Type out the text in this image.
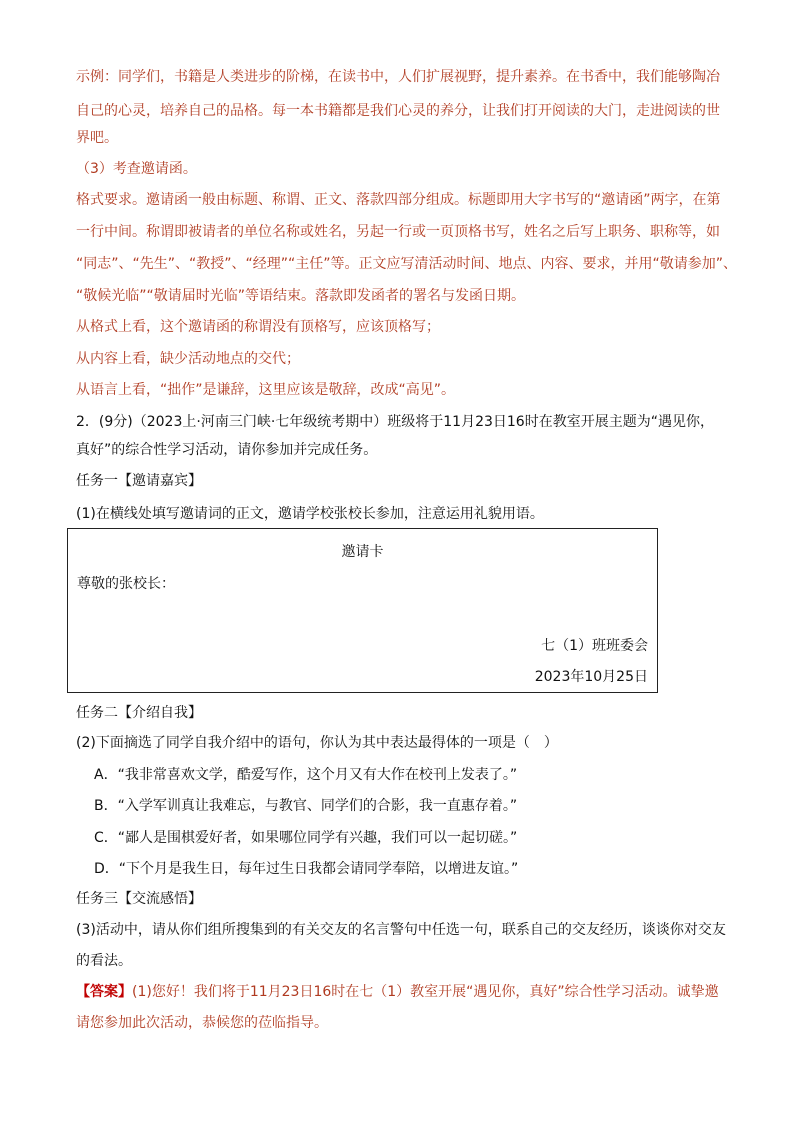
示例：同学们，书籍是人类进步的阶梯，在读书中，人们扩展视野，提升素养。在书香中，我们能够陶冶
自己的心灵，培养自己的品格。每一本书籍都是我们心灵的养分，让我们打开阅读的大门，走进阅读的世
界吧。
（3）考查邀请函。
格式要求。邀请函一般由标题、称谓、正文、落款四部分组成。标题即用大字书写的“邀请函”两字，在第
一行中间。称谓即被请者的单位名称或姓名，另起一行或一页顶格书写，姓名之后写上职务、职称等，如
“同志”、“先生”、“教授”、“经理”“主任”等。正文应写清活动时间、地点、内容、要求，并用“敬请参加”、
“敬候光临”“敬请届时光临”等语结束。落款即发函者的署名与发函日期。
从格式上看，这个邀请函的称谓没有顶格写，应该顶格写；
从内容上看，缺少活动地点的交代；
从语言上看，“拙作”是谦辞，这里应该是敬辞，改成“高见”。
2．(9分)（2023上·河南三门峡·七年级统考期中）班级将于11月23日16时在教室开展主题为“遇见你，
真好”的综合性学习活动，请你参加并完成任务。
任务一【邀请嘉宾】
(1)在横线处填写邀请词的正文，邀请学校张校长参加，注意运用礼貌用语。
邀请卡
尊敬的张校长：
七（1）班班委会
2023年10月25日
任务二【介绍自我】
(2)下面摘选了同学自我介绍中的语句，你认为其中表达最得体的一项是（　）
A．“我非常喜欢文学，酷爱写作，这个月又有大作在校刊上发表了。”
B．“入学军训真让我难忘，与教官、同学们的合影，我一直惠存着。”
C．“鄙人是围棋爱好者，如果哪位同学有兴趣，我们可以一起切磋。”
D．“下个月是我生日，每年过生日我都会请同学奉陪，以增进友谊。”
任务三【交流感悟】
(3)活动中，请从你们组所搜集到的有关交友的名言警句中任选一句，联系自己的交友经历，谈谈你对交友
的看法。
【答案】(1)您好！我们将于11月23日16时在七（1）教室开展“遇见你，真好”综合性学习活动。诚挚邀
请您参加此次活动，恭候您的莅临指导。
